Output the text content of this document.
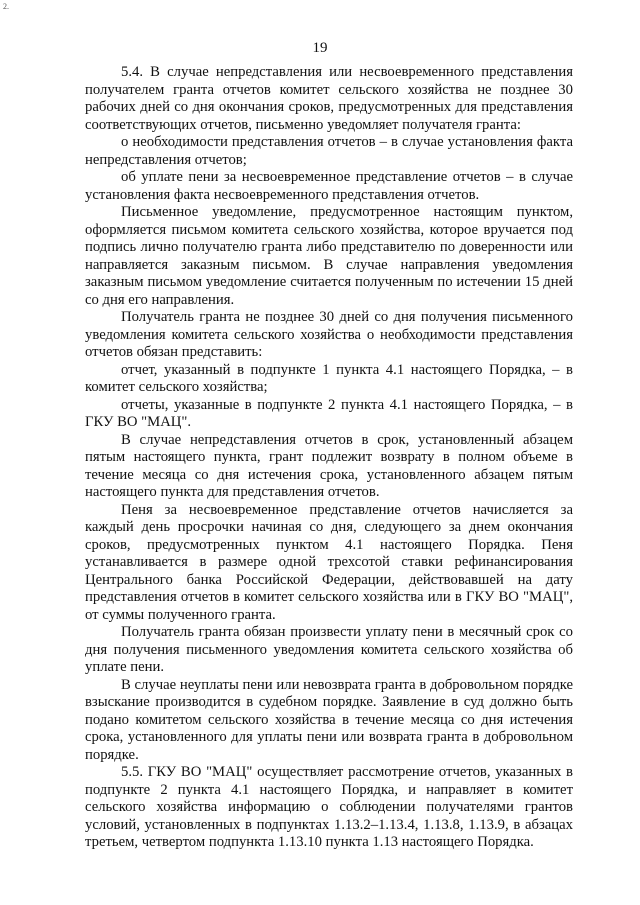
2.
19

5.4. В случае непредставления или несвоевременного представления получателем гранта отчетов комитет сельского хозяйства не позднее 30 рабочих дней со дня окончания сроков, предусмотренных для представления соответствующих отчетов, письменно уведомляет получателя гранта:

о необходимости представления отчетов – в случае установления факта непредставления отчетов;

об уплате пени за несвоевременное представление отчетов – в случае установления факта несвоевременного представления отчетов.

Письменное уведомление, предусмотренное настоящим пунктом, оформляется письмом комитета сельского хозяйства, которое вручается под подпись лично получателю гранта либо представителю по доверенности или направляется заказным письмом. В случае направления уведомления заказным письмом уведомление считается полученным по истечении 15 дней со дня его направления.

Получатель гранта не позднее 30 дней со дня получения письменного уведомления комитета сельского хозяйства о необходимости представления отчетов обязан представить:

отчет, указанный в подпункте 1 пункта 4.1 настоящего Порядка, – в комитет сельского хозяйства;

отчеты, указанные в подпункте 2 пункта 4.1 настоящего Порядка, – в ГКУ ВО "МАЦ".

В случае непредставления отчетов в срок, установленный абзацем пятым настоящего пункта, грант подлежит возврату в полном объеме в течение месяца со дня истечения срока, установленного абзацем пятым настоящего пункта для представления отчетов.

Пеня за несвоевременное представление отчетов начисляется за каждый день просрочки начиная со дня, следующего за днем окончания сроков, предусмотренных пунктом 4.1 настоящего Порядка. Пеня устанавливается в размере одной трехсотой ставки рефинансирования Центрального банка Российской Федерации, действовавшей на дату представления отчетов в комитет сельского хозяйства или в ГКУ ВО "МАЦ", от суммы полученного гранта.

Получатель гранта обязан произвести уплату пени в месячный срок со дня получения письменного уведомления комитета сельского хозяйства об уплате пени.

В случае неуплаты пени или невозврата гранта в добровольном порядке взыскание производится в судебном порядке. Заявление в суд должно быть подано комитетом сельского хозяйства в течение месяца со дня истечения срока, установленного для уплаты пени или возврата гранта в добровольном порядке.

5.5. ГКУ ВО "МАЦ" осуществляет рассмотрение отчетов, указанных в подпункте 2 пункта 4.1 настоящего Порядка, и направляет в комитет сельского хозяйства информацию о соблюдении получателями грантов условий, установленных в подпунктах 1.13.2–1.13.4, 1.13.8, 1.13.9, в абзацах третьем, четвертом подпункта 1.13.10 пункта 1.13 настоящего Порядка.
